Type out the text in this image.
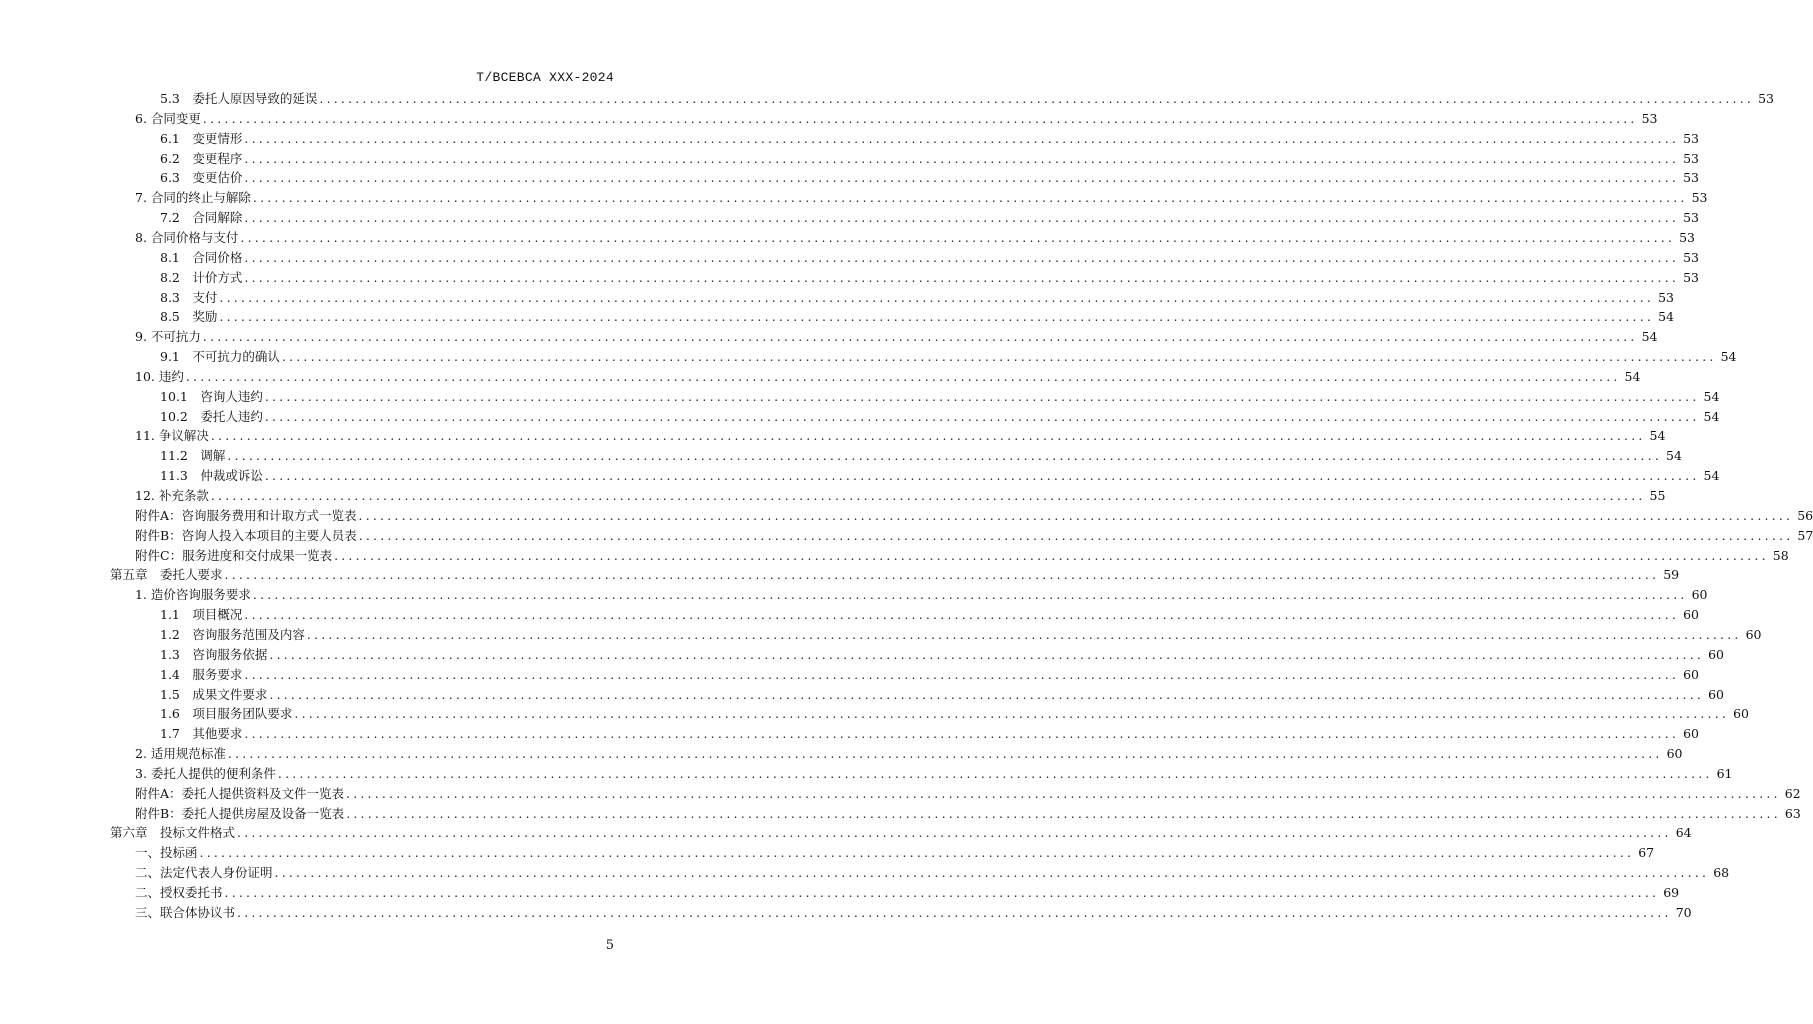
T/BCEBCA XXX-2024
5.3　委托人原因导致的延误 ........................................................................................................................................................................................................ 53
6. 合同变更 ........................................................................................................................................................................................................ 53
6.1　变更情形 ........................................................................................................................................................................................................ 53
6.2　变更程序 ........................................................................................................................................................................................................ 53
6.3　变更估价 ........................................................................................................................................................................................................ 53
7. 合同的终止与解除 ........................................................................................................................................................................................................ 53
7.2　合同解除 ........................................................................................................................................................................................................ 53
8. 合同价格与支付 ........................................................................................................................................................................................................ 53
8.1　合同价格 ........................................................................................................................................................................................................ 53
8.2　计价方式 ........................................................................................................................................................................................................ 53
8.3　支付 ........................................................................................................................................................................................................ 53
8.5　奖励 ........................................................................................................................................................................................................ 54
9. 不可抗力 ........................................................................................................................................................................................................ 54
9.1　不可抗力的确认 ........................................................................................................................................................................................................ 54
10. 违约 ........................................................................................................................................................................................................ 54
10.1　咨询人违约 ........................................................................................................................................................................................................ 54
10.2　委托人违约 ........................................................................................................................................................................................................ 54
11. 争议解决 ........................................................................................................................................................................................................ 54
11.2　调解 ........................................................................................................................................................................................................ 54
11.3　仲裁或诉讼 ........................................................................................................................................................................................................ 54
12. 补充条款 ........................................................................................................................................................................................................ 55
附件A：咨询服务费用和计取方式一览表 ........................................................................................................................................................................................................ 56
附件B：咨询人投入本项目的主要人员表 ........................................................................................................................................................................................................ 57
附件C：服务进度和交付成果一览表 ........................................................................................................................................................................................................ 58
第五章　委托人要求 ........................................................................................................................................................................................................ 59
1. 造价咨询服务要求 ........................................................................................................................................................................................................ 60
1.1　项目概况 ........................................................................................................................................................................................................ 60
1.2　咨询服务范围及内容 ........................................................................................................................................................................................................ 60
1.3　咨询服务依据 ........................................................................................................................................................................................................ 60
1.4　服务要求 ........................................................................................................................................................................................................ 60
1.5　成果文件要求 ........................................................................................................................................................................................................ 60
1.6　项目服务团队要求 ........................................................................................................................................................................................................ 60
1.7　其他要求 ........................................................................................................................................................................................................ 60
2. 适用规范标准 ........................................................................................................................................................................................................ 60
3. 委托人提供的便利条件 ........................................................................................................................................................................................................ 61
附件A：委托人提供资料及文件一览表 ........................................................................................................................................................................................................ 62
附件B：委托人提供房屋及设备一览表 ........................................................................................................................................................................................................ 63
第六章　投标文件格式 ........................................................................................................................................................................................................ 64
一、投标函 ........................................................................................................................................................................................................ 67
二、法定代表人身份证明 ........................................................................................................................................................................................................ 68
二、授权委托书 ........................................................................................................................................................................................................ 69
三、联合体协议书 ........................................................................................................................................................................................................ 70
5
